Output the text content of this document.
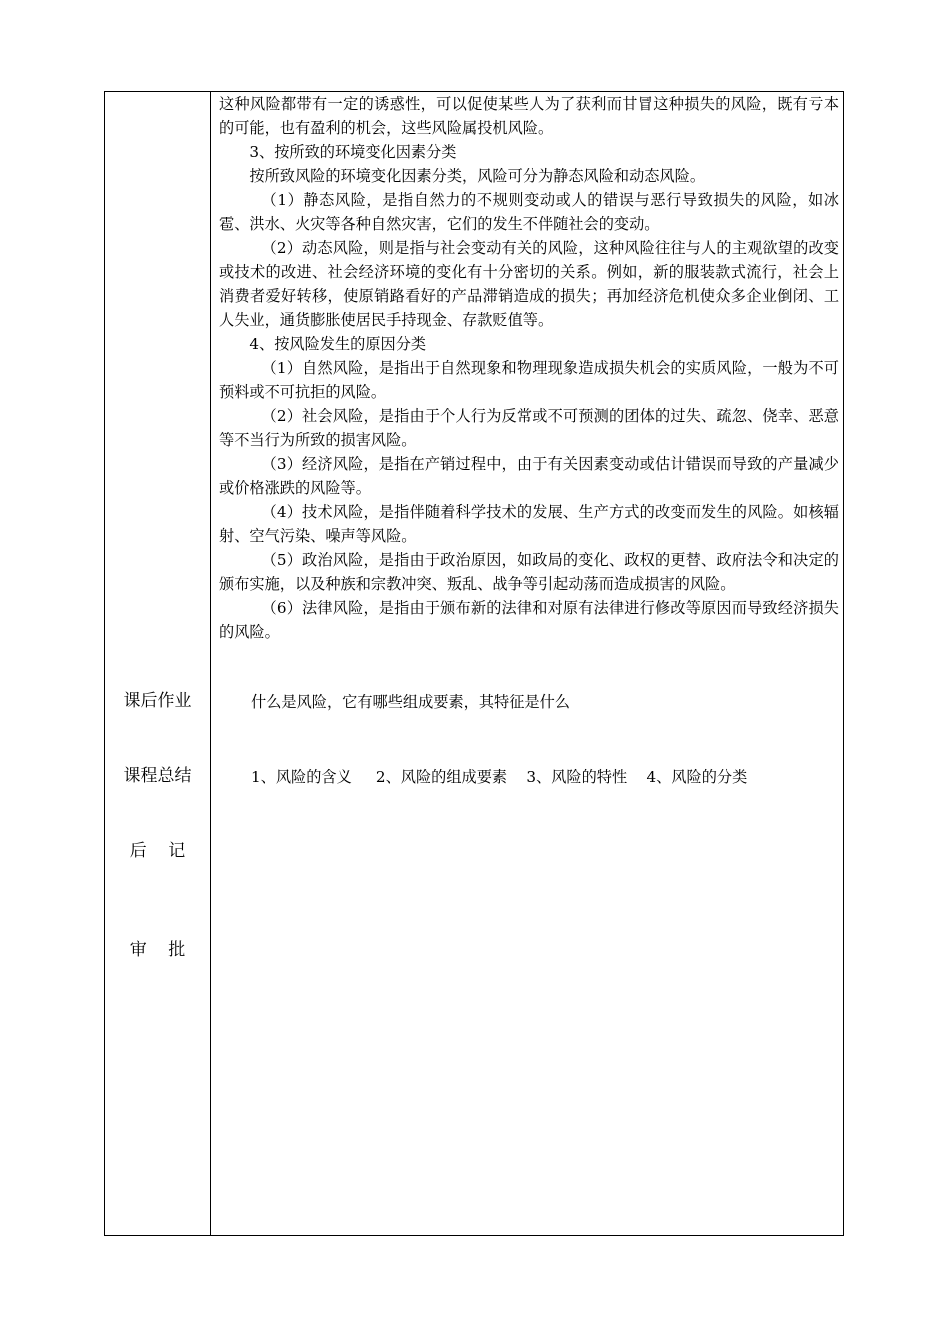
这种风险都带有一定的诱惑性，可以促使某些人为了获利而甘冒这种损失的风险，既有亏本的可能，也有盈利的机会，这些风险属投机风险。

3、按所致的环境变化因素分类

按所致风险的环境变化因素分类，风险可分为静态风险和动态风险。

（1）静态风险，是指自然力的不规则变动或人的错误与恶行导致损失的风险，如冰雹、洪水、火灾等各种自然灾害，它们的发生不伴随社会的变动。

（2）动态风险，则是指与社会变动有关的风险，这种风险往往与人的主观欲望的改变或技术的改进、社会经济环境的变化有十分密切的关系。例如，新的服装款式流行，社会上消费者爱好转移，使原销路看好的产品滞销造成的损失；再加经济危机使众多企业倒闭、工人失业，通货膨胀使居民手持现金、存款贬值等。

4、按风险发生的原因分类

（1）自然风险，是指出于自然现象和物理现象造成损失机会的实质风险，一般为不可预料或不可抗拒的风险。

（2）社会风险，是指由于个人行为反常或不可预测的团体的过失、疏忽、侥幸、恶意等不当行为所致的损害风险。

（3）经济风险，是指在产销过程中，由于有关因素变动或估计错误而导致的产量减少或价格涨跌的风险等。

（4）技术风险，是指伴随着科学技术的发展、生产方式的改变而发生的风险。如核辐射、空气污染、噪声等风险。

（5）政治风险，是指由于政治原因，如政局的变化、政权的更替、政府法令和决定的颁布实施，以及种族和宗教冲突、叛乱、战争等引起动荡而造成损害的风险。

（6）法律风险，是指由于颁布新的法律和对原有法律进行修改等原因而导致经济损失的风险。

课后作业	什么是风险，它有哪些组成要素，其特征是什么
课程总结	1、风险的含义     2、风险的组成要素    3、风险的特性    4、风险的分类
后    记
审    批
